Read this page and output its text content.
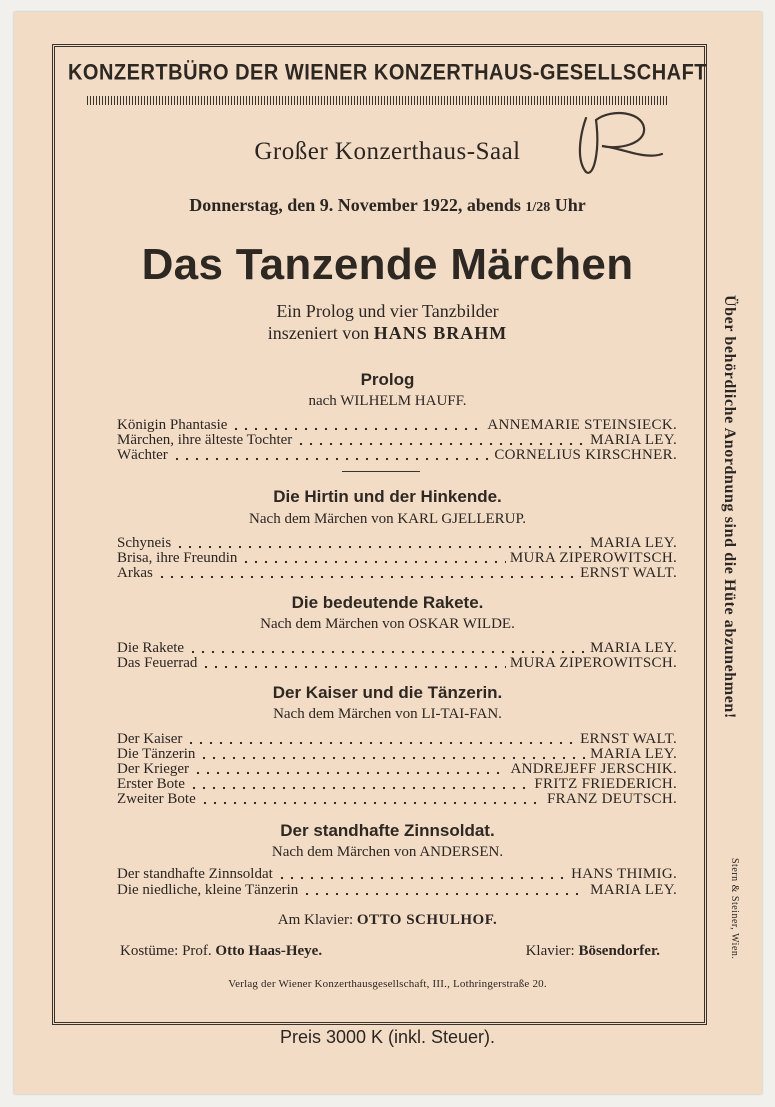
KONZERTBÜRO DER WIENER KONZERTHAUS-GESELLSCHAFT
Großer Konzerthaus-Saal
Donnerstag, den 9. November 1922, abends 1/28 Uhr
Das Tanzende Märchen
Ein Prolog und vier Tanzbilder
inszeniert von HANS BRAHM
Prolog
nach WILHELM HAUFF.
Königin Phantasie	ANNEMARIE STEINSIECK.
Märchen, ihre älteste Tochter	MARIA LEY.
Wächter	CORNELIUS KIRSCHNER.
Die Hirtin und der Hinkende.
Nach dem Märchen von KARL GJELLERUP.
Schyneis	MARIA LEY.
Brisa, ihre Freundin	MURA ZIPEROWITSCH.
Arkas	ERNST WALT.
Die bedeutende Rakete.
Nach dem Märchen von OSKAR WILDE.
Die Rakete	MARIA LEY.
Das Feuerrad	MURA ZIPEROWITSCH.
Der Kaiser und die Tänzerin.
Nach dem Märchen von LI-TAI-FAN.
Der Kaiser	ERNST WALT.
Die Tänzerin	MARIA LEY.
Der Krieger	ANDREJEFF JERSCHIK.
Erster Bote	FRITZ FRIEDERICH.
Zweiter Bote	FRANZ DEUTSCH.
Der standhafte Zinnsoldat.
Nach dem Märchen von ANDERSEN.
Der standhafte Zinnsoldat	HANS THIMIG.
Die niedliche, kleine Tänzerin	MARIA LEY.
Am Klavier: OTTO SCHULHOF.
Kostüme: Prof. Otto Haas-Heye.	Klavier: Bösendorfer.
Verlag der Wiener Konzerthausgesellschaft, III., Lothringerstraße 20.
Preis 3000 K (inkl. Steuer).
Über behördliche Anordnung sind die Hüte abzunehmen!
Stern & Steiner, Wien.
